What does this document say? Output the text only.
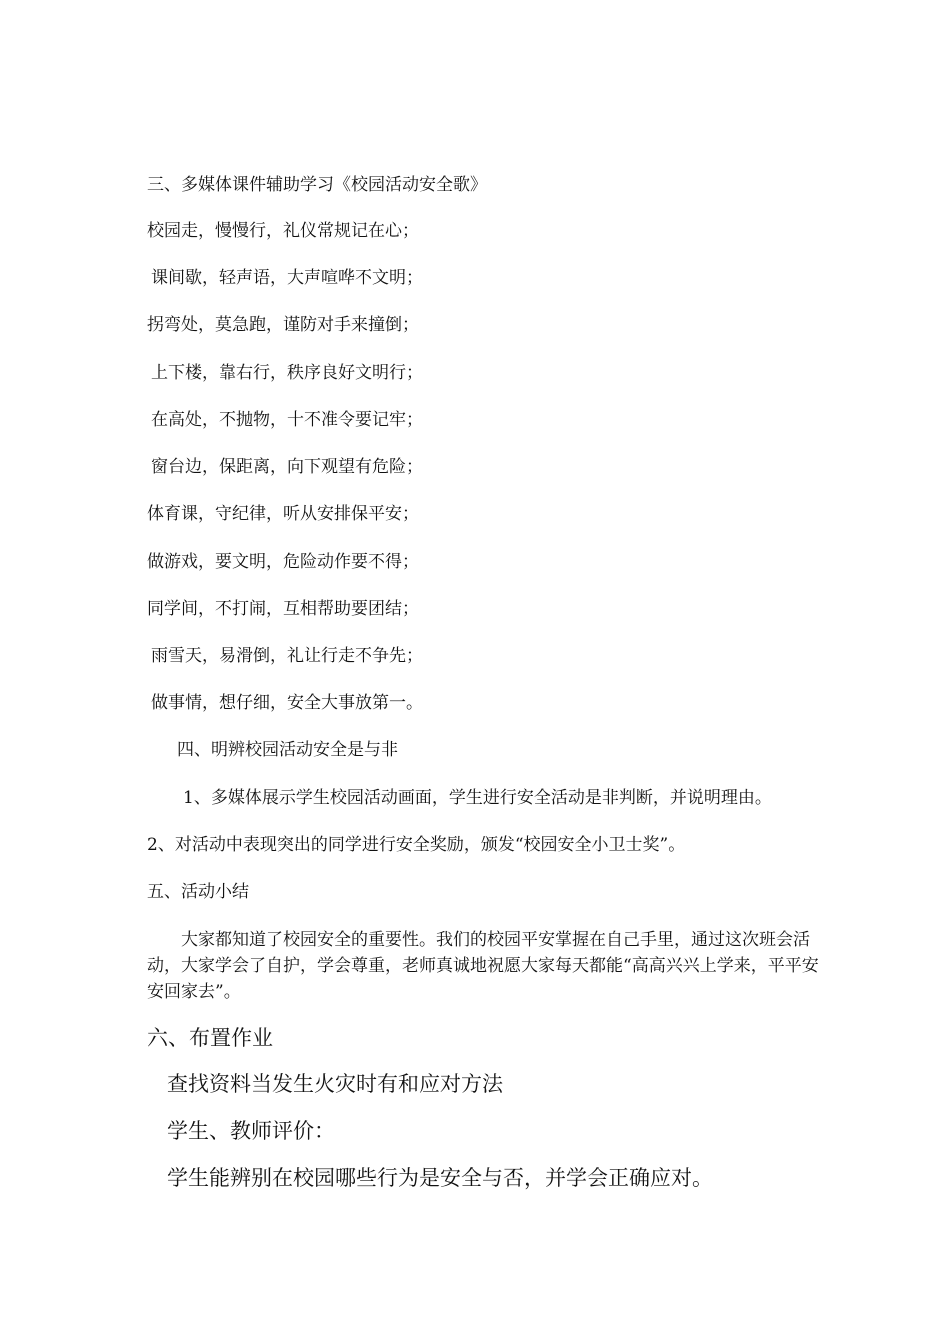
三、多媒体课件辅助学习《校园活动安全歌》
校园走，慢慢行，礼仪常规记在心；
课间歇，轻声语，大声喧哗不文明；
拐弯处，莫急跑，谨防对手来撞倒；
上下楼，靠右行，秩序良好文明行；
在高处，不抛物，十不准令要记牢；
窗台边，保距离，向下观望有危险；
体育课，守纪律，听从安排保平安；
做游戏，要文明，危险动作要不得；
同学间，不打闹，互相帮助要团结；
雨雪天，易滑倒，礼让行走不争先；
做事情，想仔细，安全大事放第一。
四、明辨校园活动安全是与非
1、多媒体展示学生校园活动画面，学生进行安全活动是非判断，并说明理由。
2、对活动中表现突出的同学进行安全奖励，颁发“校园安全小卫士奖”。
五、活动小结
大家都知道了校园安全的重要性。我们的校园平安掌握在自己手里，通过这次班会活动，大家学会了自护，学会尊重，老师真诚地祝愿大家每天都能“高高兴兴上学来，平平安安回家去”。
六、布置作业
查找资料当发生火灾时有和应对方法
学生、教师评价：
学生能辨别在校园哪些行为是安全与否，并学会正确应对。
